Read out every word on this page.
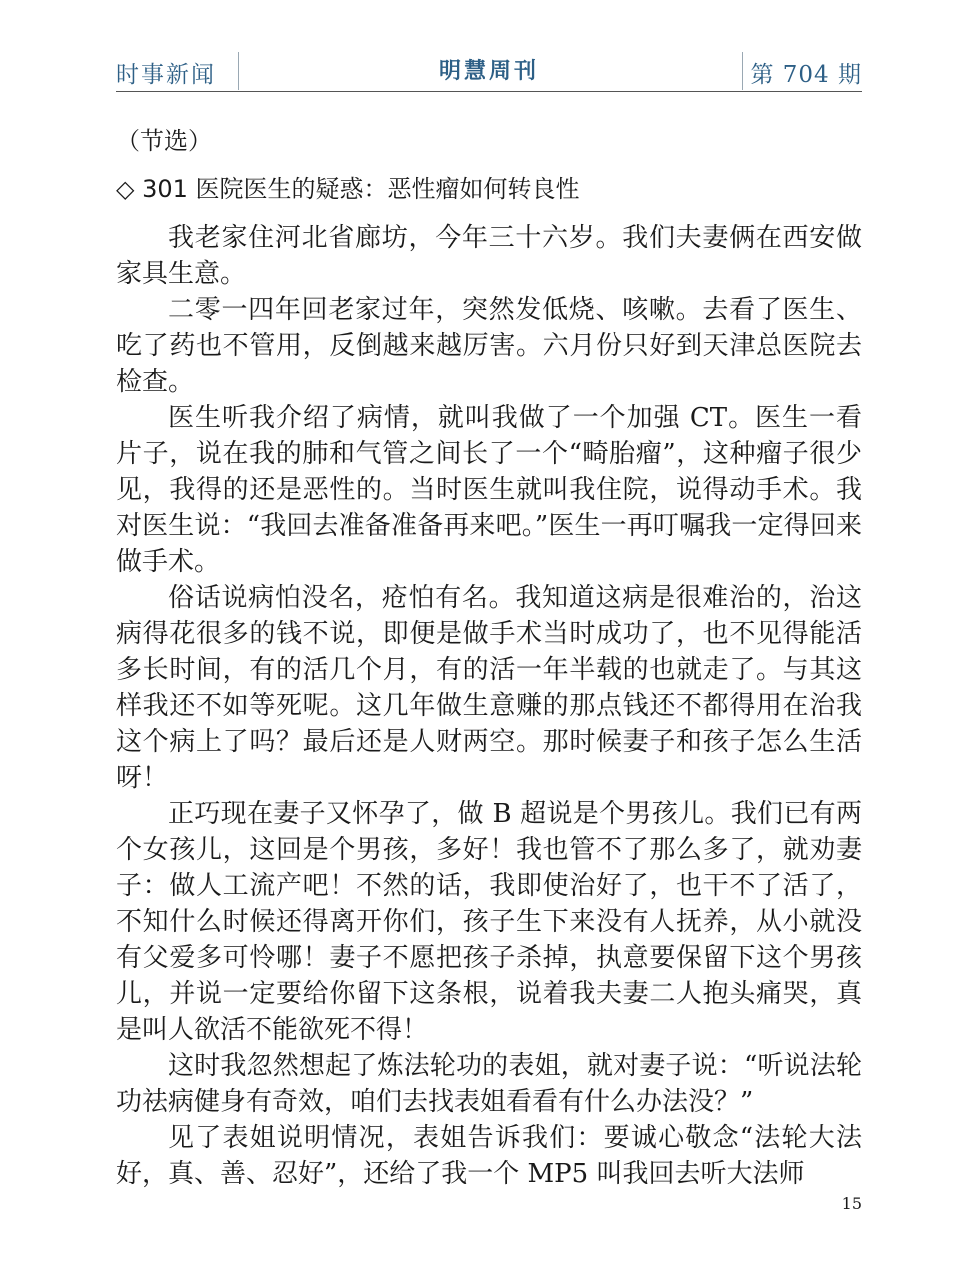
时事新闻	明慧周刊	第 704 期
（节选）
◇ 301 医院医生的疑惑：恶性瘤如何转良性

我老家住河北省廊坊，今年三十六岁。我们夫妻俩在西安做家具生意。

二零一四年回老家过年，突然发低烧、咳嗽。去看了医生、吃了药也不管用，反倒越来越厉害。六月份只好到天津总医院去检查。

医生听我介绍了病情，就叫我做了一个加强 CT。医生一看片子，说在我的肺和气管之间长了一个“畸胎瘤”，这种瘤子很少见，我得的还是恶性的。当时医生就叫我住院，说得动手术。我对医生说：“我回去准备准备再来吧。”医生一再叮嘱我一定得回来做手术。

俗话说病怕没名，疮怕有名。我知道这病是很难治的，治这病得花很多的钱不说，即便是做手术当时成功了，也不见得能活多长时间，有的活几个月，有的活一年半载的也就走了。与其这样我还不如等死呢。这几年做生意赚的那点钱还不都得用在治我这个病上了吗？最后还是人财两空。那时候妻子和孩子怎么生活呀！

正巧现在妻子又怀孕了，做 B 超说是个男孩儿。我们已有两个女孩儿，这回是个男孩，多好！我也管不了那么多了，就劝妻子：做人工流产吧！不然的话，我即使治好了，也干不了活了，不知什么时候还得离开你们，孩子生下来没有人抚养，从小就没有父爱多可怜哪！妻子不愿把孩子杀掉，执意要保留下这个男孩儿，并说一定要给你留下这条根，说着我夫妻二人抱头痛哭，真是叫人欲活不能欲死不得！

这时我忽然想起了炼法轮功的表姐，就对妻子说：“听说法轮功祛病健身有奇效，咱们去找表姐看看有什么办法没？”

见了表姐说明情况，表姐告诉我们：要诚心敬念“法轮大法好，真、善、忍好”，还给了我一个 MP5 叫我回去听大法师

15
